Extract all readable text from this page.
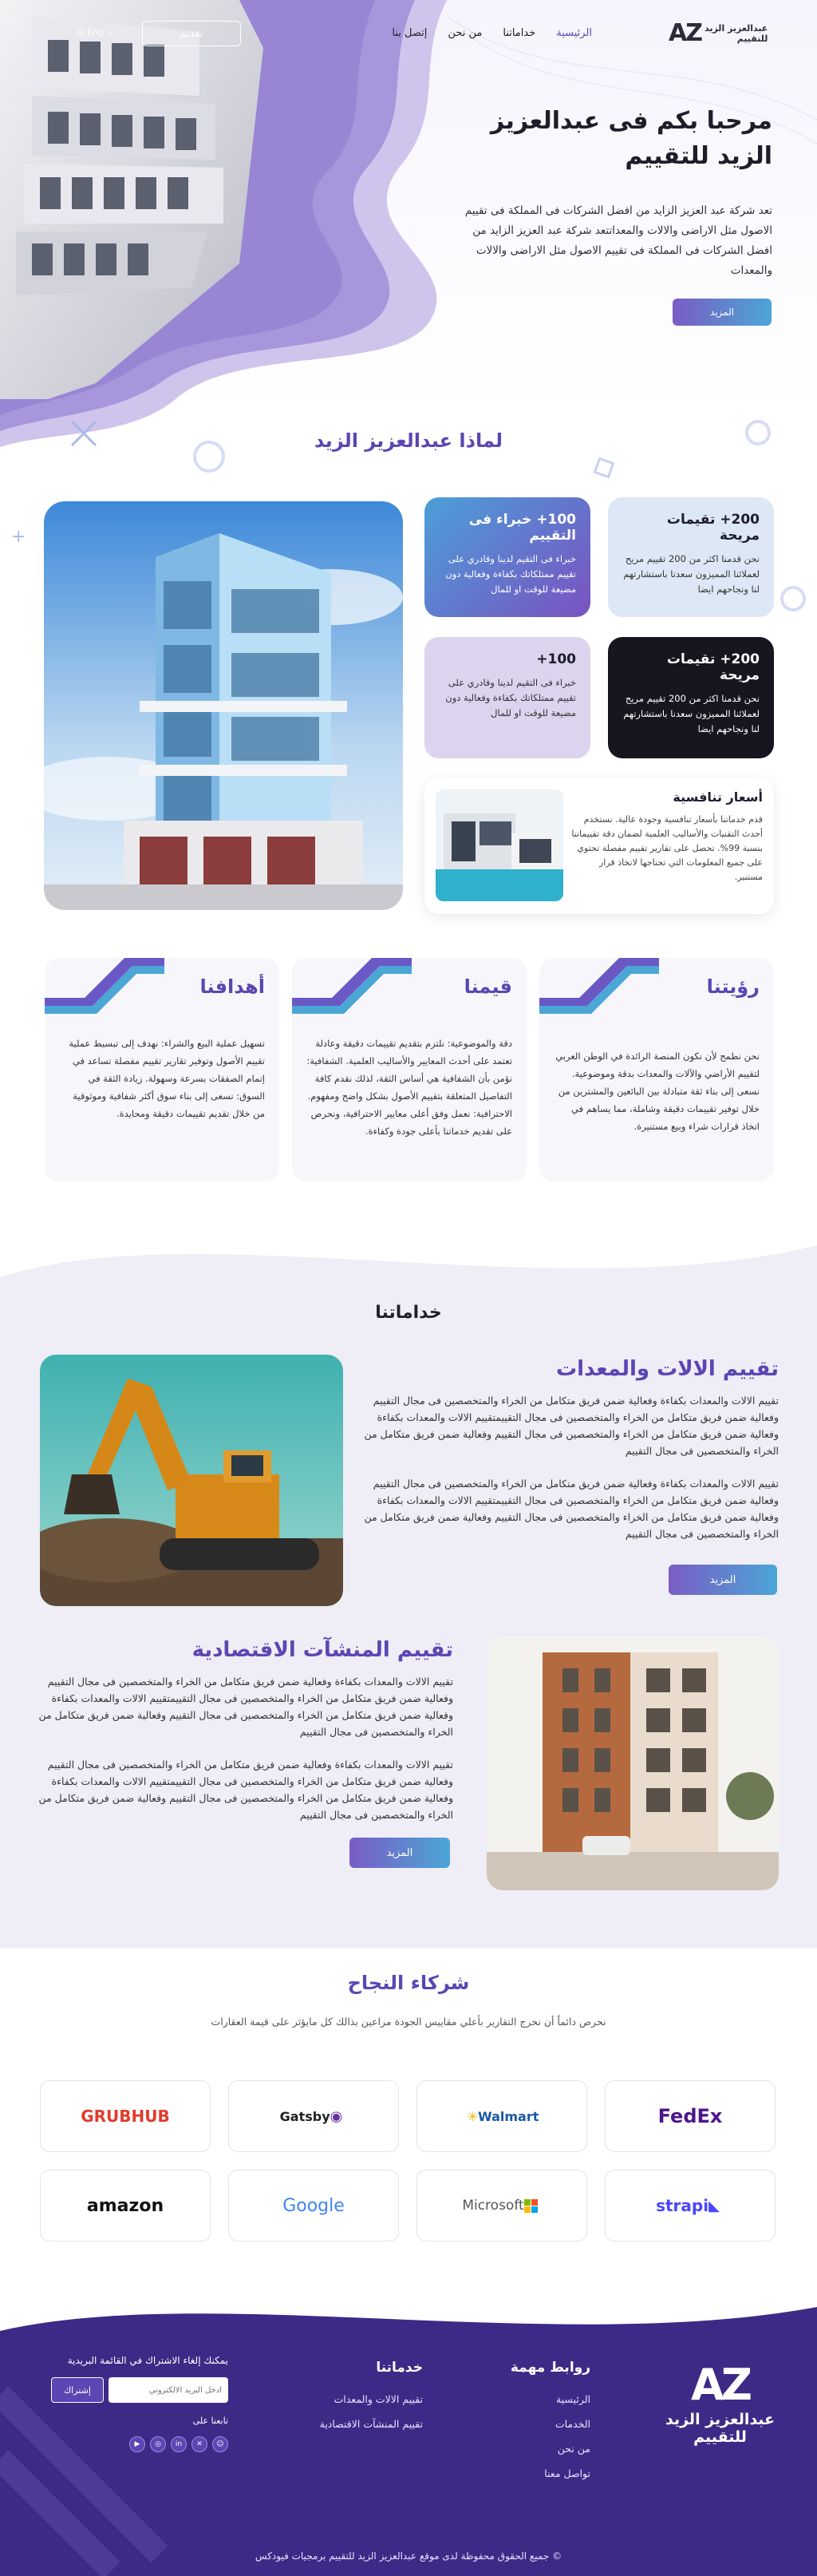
AZ عبدالعزيز الزيد
للتقييم
الرئيسية
خداماتنا
من نحن
إتصل بنا
تقديم
◎ Eng ⌄
مرحبا بكم فى عبدالعزيز الزيد للتقييم

تعد شركة عبد العزيز الزايد من افضل الشركات فى المملكة فى تقييم الاصول مثل الاراضى والالات والمعداتتعد شركة عبد العزيز الزايد من افضل الشركات فى المملكة فى تقييم الاصول مثل الاراضى والالات والمعدات

المزيد
لماذا عبدالعزيز الزيد
+
200+ تقيمات مريحة

نحن قدمنا اكثر من 200 تقييم مريح لعملائنا المميزون سعدنا باستشارتهم لنا ونجاحهم ايضا

100+ خبراء فى التقييم

خبراء فى التقيم لدينا وقادري على تقييم ممتلكاتك بكفاءة وفعالية دون مضيعة للوقت او للمال

200+ تقيمات مريحة

نحن قدمنا اكثر من 200 تقييم مريح لعملائنا المميزون سعدنا باستشارتهم لنا ونجاحهم ايضا

100+

خبراء فى التقيم لدينا وقادري على تقييم ممتلكاتك بكفاءة وفعالية دون مضيعة للوقت او للمال

أسعار تنافسية

قدم خدماتنا بأسعار تنافسية وجودة عالية. نستخدم أحدث التقنيات والأساليب العلمية لضمان دقة تقييماتنا بنسبة 99%. تحصل على تقارير تقييم مفصلة تحتوي على جميع المعلومات التي تحتاجها لاتخاذ قرار مستنير.

رؤيتنا

نحن نطمح لأن نكون المنصة الرائدة في الوطن العربي لتقييم الأراضي والآلات والمعدات بدقة وموضوعية. نسعى إلى بناء ثقة متبادلة بين البائعين والمشترين من خلال توفير تقييمات دقيقة وشاملة، مما يساهم في اتخاذ قرارات شراء وبيع مستنيرة.

قيمنا

دقة والموضوعية: نلتزم بتقديم تقييمات دقيقة وعادلة تعتمد على أحدث المعايير والأساليب العلمية. الشفافية: نؤمن بأن الشفافية هي أساس الثقة، لذلك نقدم كافة التفاصيل المتعلقة بتقييم الأصول بشكل واضح ومفهوم. الاحترافية: نعمل وفق أعلى معايير الاحترافية، ونحرص على تقديم خدماتنا بأعلى جودة وكفاءة.

أهدافنا

تسهيل عملية البيع والشراء: نهدف إلى تبسيط عملية تقييم الأصول وتوفير تقارير تقييم مفصلة تساعد في إتمام الصفقات بسرعة وسهولة. زيادة الثقة في السوق: نسعى إلى بناء سوق أكثر شفافية وموثوقية من خلال تقديم تقييمات دقيقة ومحايدة.

خداماتنا
تقييم الالات والمعدات

تقييم الالات والمعدات بكفاءة وفعالية ضمن فريق متكامل من الخراء والمتخصصين فى مجال التقييم وفعالية ضمن فريق متكامل من الخراء والمتخصصين فى مجال التقييمتقييم الالات والمعدات بكفاءة وفعالية ضمن فريق متكامل من الخراء والمتخصصين فى مجال التقييم وفعالية ضمن فريق متكامل من الخراء والمتخصصين فى مجال التقييم

تقييم الالات والمعدات بكفاءة وفعالية ضمن فريق متكامل من الخراء والمتخصصين فى مجال التقييم وفعالية ضمن فريق متكامل من الخراء والمتخصصين فى مجال التقييمتقييم الالات والمعدات بكفاءة وفعالية ضمن فريق متكامل من الخراء والمتخصصين فى مجال التقييم وفعالية ضمن فريق متكامل من الخراء والمتخصصين فى مجال التقييم

المزيد
تقييم المنشآت الاقتصادية

تقييم الالات والمعدات بكفاءة وفعالية ضمن فريق متكامل من الخراء والمتخصصين فى مجال التقييم وفعالية ضمن فريق متكامل من الخراء والمتخصصين فى مجال التقييمتقييم الالات والمعدات بكفاءة وفعالية ضمن فريق متكامل من الخراء والمتخصصين فى مجال التقييم وفعالية ضمن فريق متكامل من الخراء والمتخصصين فى مجال التقييم

تقييم الالات والمعدات بكفاءة وفعالية ضمن فريق متكامل من الخراء والمتخصصين فى مجال التقييم وفعالية ضمن فريق متكامل من الخراء والمتخصصين فى مجال التقييمتقييم الالات والمعدات بكفاءة وفعالية ضمن فريق متكامل من الخراء والمتخصصين فى مجال التقييم وفعالية ضمن فريق متكامل من الخراء والمتخصصين فى مجال التقييم

المزيد
شركاء النجاح

نحرص دائماً أن نخرج التقارير بأعلي مقاييس الجودة مراعين بذالك كل مايؤثر على قيمة العقارات

FedEx
Walmart
✳
◉
Gatsby
GRUBHUB
◣
strapi
Microsoft
Google
amazon
AZ
عبدالعزيز الزيد
للتقييم
روابط مهمة
الرئيسية
الخدمات
من نحن
تواصل معنا
خدماتنا
تقييم الالات والمعدات
تقييم المنشآت الاقتصادية
يمكنك إلغاء الاشتراك في القائمة البريدية
أدخل البريد الالكتروني
إشتراك
تابعنا على
▶ ◎ in ✕ ☺
© جميع الحقوق محفوظة لدى موقع عبدالعزيز الزيد للتقييم برمجيات فيودكس
